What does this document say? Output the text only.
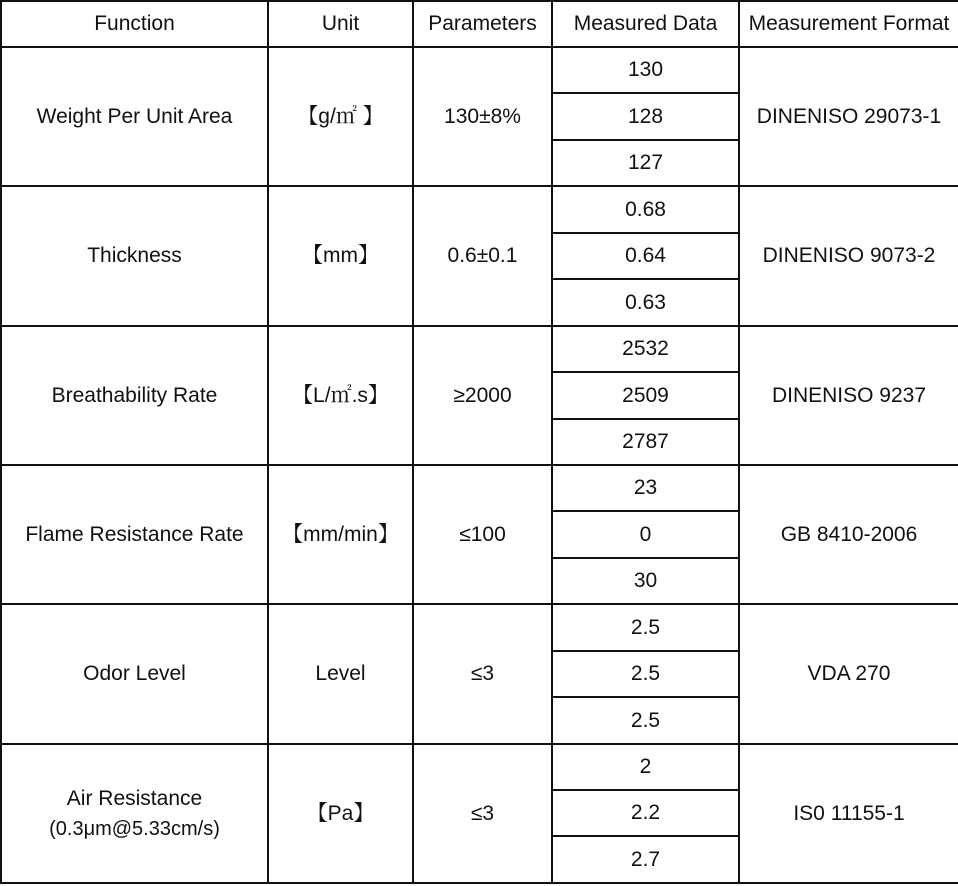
Function	Unit	Parameters	Measured Data	Measurement Format

Weight Per Unit Area	【g/㎡ 】	130±8%	130	DINENISO 29073-1
			128	
			127	

Thickness	【mm】	0.6±0.1	0.68	DINENISO 9073-2
			0.64	
			0.63	

Breathability Rate	【L/㎡.s】	≥2000	2532	DINENISO 9237
			2509	
			2787	

Flame Resistance Rate	【mm/min】	≤100	23	GB 8410-2006
			0	
			30	

Odor Level	Level	≤3	2.5	VDA 270
			2.5	
			2.5	

Air Resistance
(0.3μm@5.33cm/s)	【Pa】	≤3	2	IS0 11155-1
			2.2	
			2.7	
